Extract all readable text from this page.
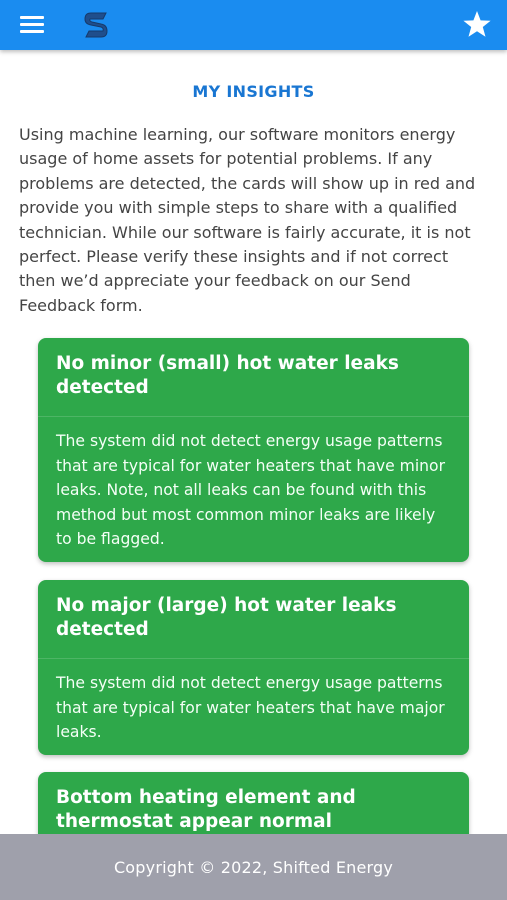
MY INSIGHTS

Using machine learning, our software monitors energy usage of home assets for potential problems. If any problems are detected, the cards will show up in red and provide you with simple steps to share with a qualified technician. While our software is fairly accurate, it is not perfect. Please verify these insights and if not correct then we’d appreciate your feedback on our Send Feedback form.

No minor (small) hot water leaks detected
The system did not detect energy usage patterns that are typical for water heaters that have minor leaks. Note, not all leaks can be found with this method but most common minor leaks are likely to be flagged.
No major (large) hot water leaks detected
The system did not detect energy usage patterns that are typical for water heaters that have major leaks.
Bottom heating element and thermostat appear normal
Copyright © 2022, Shifted Energy
